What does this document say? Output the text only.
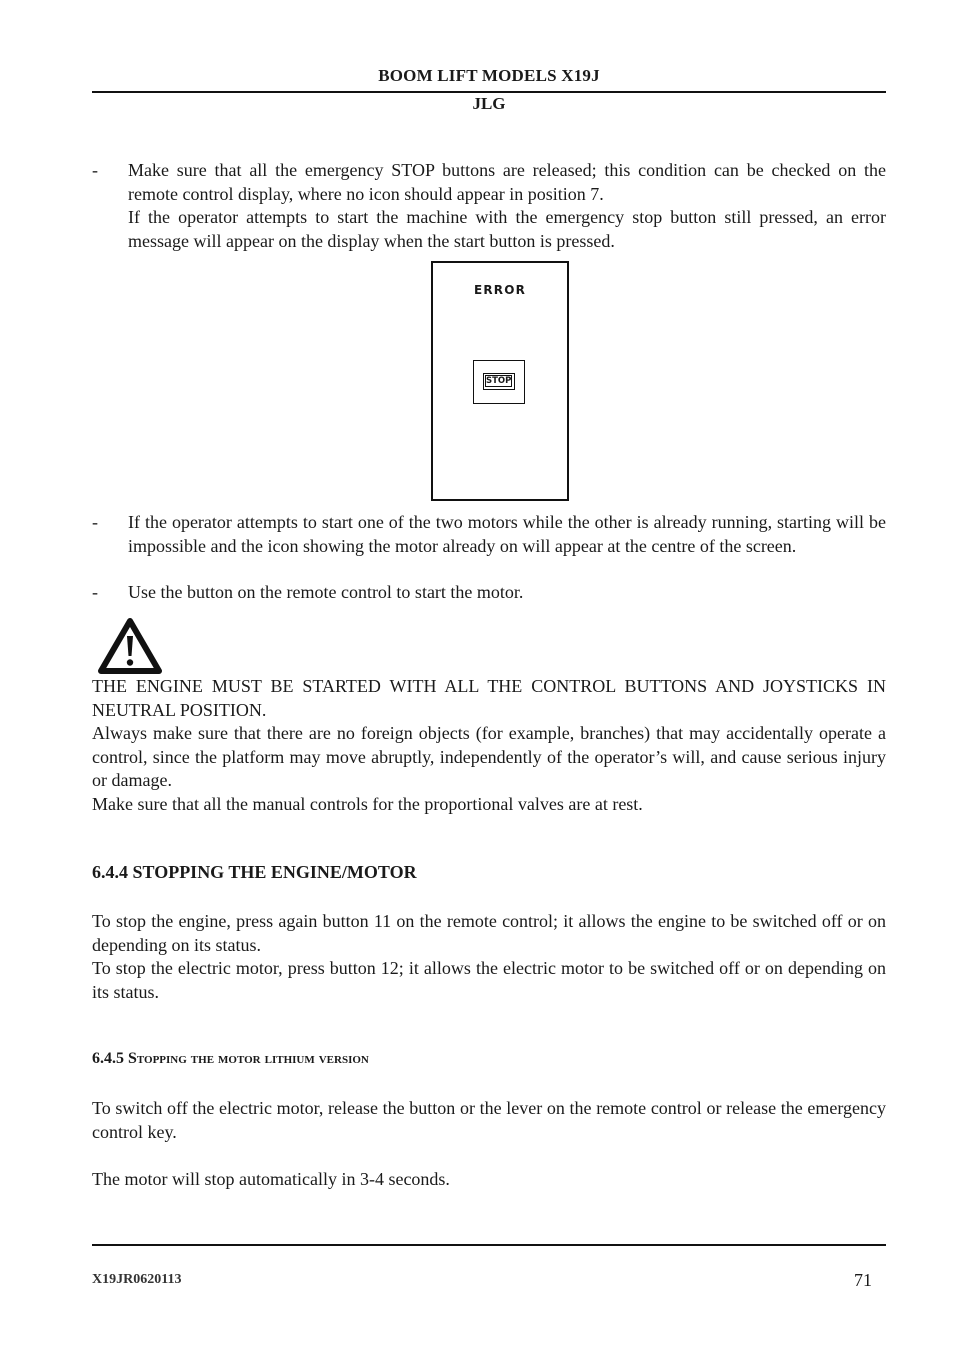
BOOM LIFT MODELS X19J
JLG
- Make sure that all the emergency STOP buttons are released; this condition can be checked on the remote control display, where no icon should appear in position 7.

If the operator attempts to start the machine with the emergency stop button still pressed, an error message will appear on the display when the start button is pressed.

ERROR
STOP
- If the operator attempts to start one of the two motors while the other is already running, starting will be impossible and the icon showing the motor already on will appear at the centre of the screen.
- Use the button on the remote control to start the motor.

THE ENGINE MUST BE STARTED WITH ALL THE CONTROL BUTTONS AND JOYSTICKS IN NEUTRAL POSITION.

Always make sure that there are no foreign objects (for example, branches) that may accidentally operate a control, since the platform may move abruptly, independently of the operator’s will, and cause serious injury or damage.

Make sure that all the manual controls for the proportional valves are at rest.

6.4.4 STOPPING THE ENGINE/MOTOR

To stop the engine, press again button 11 on the remote control; it allows the engine to be switched off or on depending on its status.

To stop the electric motor, press button 12; it allows the electric motor to be switched off or on depending on its status.

6.4.5 Stopping the motor lithium version

To switch off the electric motor, release the button or the lever on the remote control or release the emergency control key.

The motor will stop automatically in 3-4 seconds.

X19JR0620113	71
